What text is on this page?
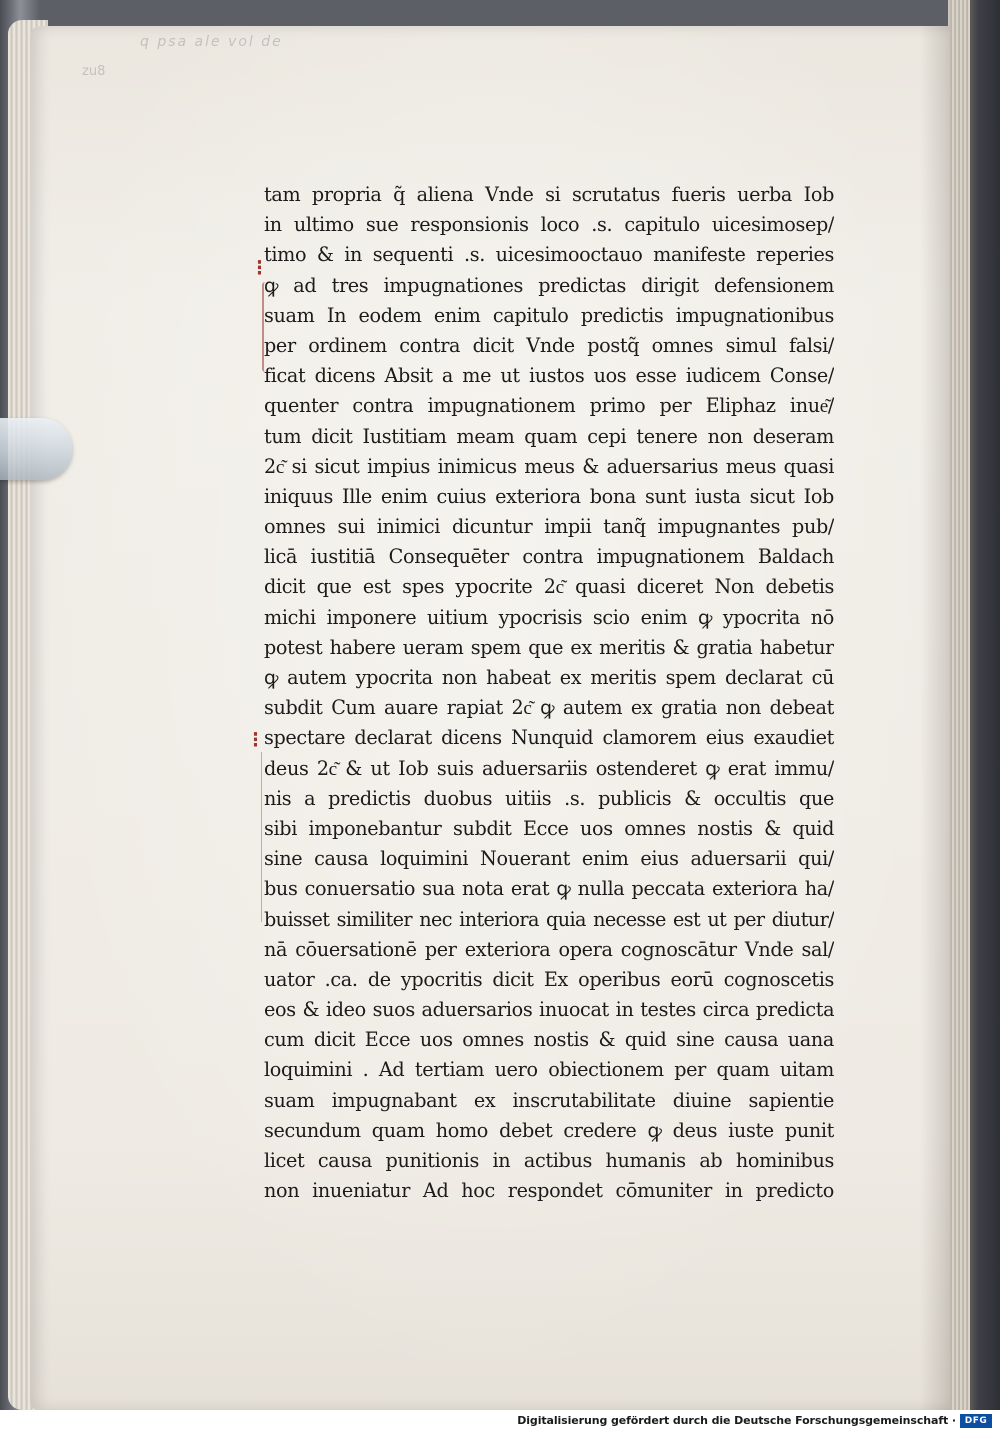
q psa ale vol de
zu8
⁝
⁝
tam propria q̃ aliena Vnde si scrutatus fueris uerba Iob
in ultimo sue responsionis loco .s. capitulo uicesimosep/
timo & in sequenti .s. uicesimooctauo manifeste reperies
ꝙ ad tres impugnationes predictas dirigit defensionem
suam In eodem enim capitulo predictis impugnationibus
per ordinem contra dicit Vnde postq̃ omnes simul falsi/
ficat dicens Absit a me ut iustos uos esse iudicem Conse/
quenter contra impugnationem primo per Eliphaz inue͂/
tum dicit Iustitiam meam quam cepi tenere non deseram
2c͂ si sicut impius inimicus meus & aduersarius meus quasi
iniquus Ille enim cuius exteriora bona sunt iusta sicut Iob
omnes sui inimici dicuntur impii tanq̃ impugnantes pub/
licā iustitiā Consequēter contra impugnationem Baldach
dicit que est spes ypocrite 2c͂ quasi diceret Non debetis
michi imponere uitium ypocrisis scio enim ꝙ ypocrita nō
potest habere ueram spem que ex meritis & gratia habetur
ꝙ autem ypocrita non habeat ex meritis spem declarat cū
subdit Cum auare rapiat 2c͂ ꝙ autem ex gratia non debeat
spectare declarat dicens Nunquid clamorem eius exaudiet
deus 2c͂ & ut Iob suis aduersariis ostenderet ꝙ erat immu/
nis a predictis duobus uitiis .s. publicis & occultis que
sibi imponebantur subdit Ecce uos omnes nostis & quid
sine causa loquimini Nouerant enim eius aduersarii qui/
bus conuersatio sua nota erat ꝙ nulla peccata exteriora ha/
buisset similiter nec interiora quia necesse est ut per diutur/
nā cōuersationē per exteriora opera cognoscātur Vnde sal/
uator .ca. de ypocritis dicit Ex operibus eorū cognoscetis
eos & ideo suos aduersarios inuocat in testes circa predicta
cum dicit Ecce uos omnes nostis & quid sine causa uana
loquimini . Ad tertiam uero obiectionem per quam uitam
suam impugnabant ex inscrutabilitate diuine sapientie
secundum quam homo debet credere ꝙ deus iuste punit
licet causa punitionis in actibus humanis ab hominibus
non inueniatur Ad hoc respondet cōmuniter in predicto
Digitalisierung gefördert durch die Deutsche Forschungsgemeinschaft · DFG
